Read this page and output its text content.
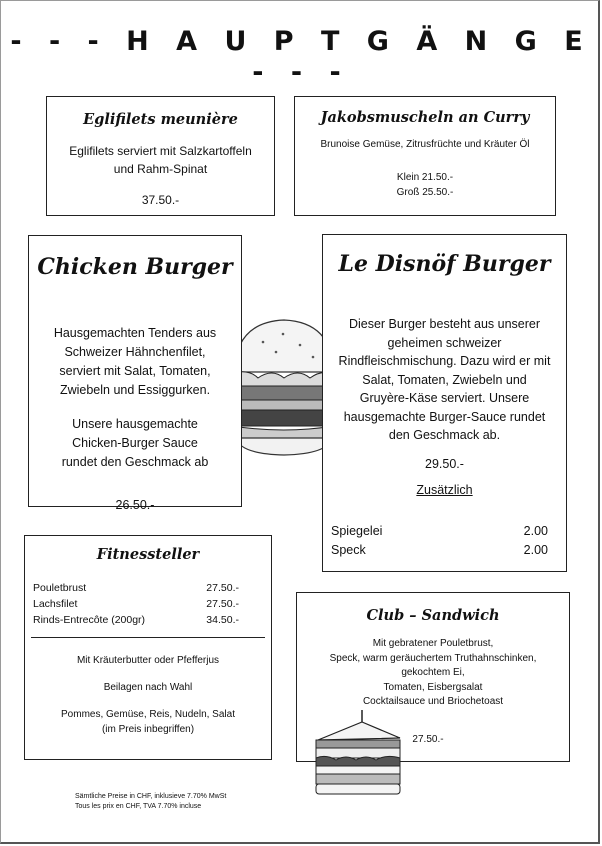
- - - H A U P T G Ä N G E - - -
Eglifilets meunière
Eglifilets serviert mit Salzkartoffeln
und Rahm-Spinat
37.50.-
Jakobsmuscheln an Curry
Brunoise Gemüse, Zitrusfrüchte und Kräuter Öl
Klein 21.50.-
Groß 25.50.-
Chicken Burger
Hausgemachten Tenders aus
Schweizer Hähnchenfilet,
serviert mit Salat, Tomaten,
Zwiebeln und Essiggurken.
Unsere hausgemachte
Chicken-Burger Sauce
rundet den Geschmack ab
26.50.-
Le Disnöf Burger
Dieser Burger besteht aus unserer
geheimen schweizer
Rindfleischmischung. Dazu wird er mit
Salat, Tomaten, Zwiebeln und
Gruyère-Käse serviert. Unsere
hausgemachte Burger-Sauce rundet
den Geschmack ab.
29.50.-
Zusätzlich
Spiegelei	2.00
Speck	2.00
Fitnessteller
Pouletbrust	27.50.-
Lachsfilet	27.50.-
Rinds-Entrecôte (200gr)	34.50.-
Mit Kräuterbutter oder Pfefferjus
Beilagen nach Wahl
Pommes, Gemüse, Reis, Nudeln, Salat
(im Preis inbegriffen)
Club – Sandwich
Mit gebratener Pouletbrust,
Speck, warm geräuchertem Truthahnschinken,
gekochtem Ei,
Tomaten, Eisbergsalat
Cocktailsauce und Briochetoast
27.50.-
Sämtliche Preise in CHF, inklusieve 7.70% MwSt
Tous les prix en CHF, TVA 7.70% incluse
